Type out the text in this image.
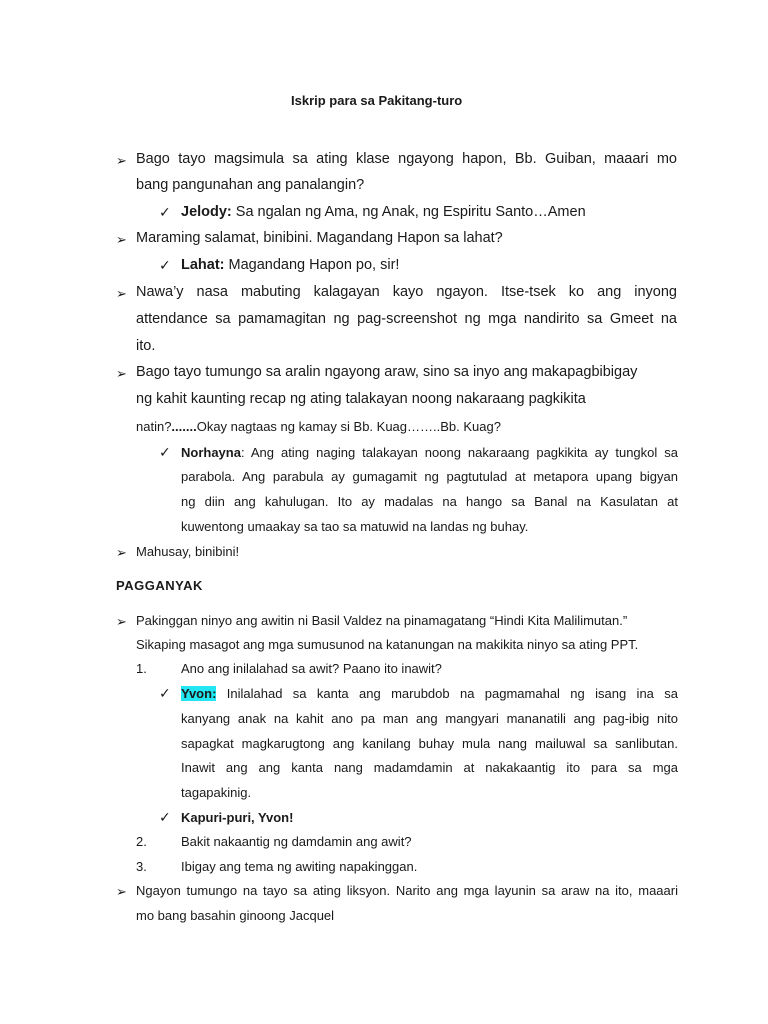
Iskrip para sa Pakitang-turo

➢ Bago tayo magsimula sa ating klase ngayong hapon, Bb. Guiban, maaari mo

bang pangunahan ang panalangin?

✓ Jelody: Sa ngalan ng Ama, ng Anak, ng Espiritu Santo…Amen

➢ Maraming salamat, binibini. Magandang Hapon sa lahat?

✓ Lahat: Magandang Hapon po, sir!

➢ Nawa’y nasa mabuting kalagayan kayo ngayon. Itse-tsek ko ang inyong

attendance sa pamamagitan ng pag-screenshot ng mga nandirito sa Gmeet na

ito.

➢ Bago tayo tumungo sa aralin ngayong araw, sino sa inyo ang makapagbibigay

ng kahit kaunting recap ng ating talakayan noong nakaraang pagkikita

natin?.......Okay nagtaas ng kamay si Bb. Kuag……..Bb. Kuag?

✓ Norhayna: Ang ating naging talakayan noong nakaraang pagkikita ay tungkol sa

parabola. Ang parabula ay gumagamit ng pagtutulad at metapora upang bigyan

ng diin ang kahulugan. Ito ay madalas na hango sa Banal na Kasulatan at

kuwentong umaakay sa tao sa matuwid na landas ng buhay.

➢ Mahusay, binibini!

PAGGANYAK

➢ Pakinggan ninyo ang awitin ni Basil Valdez na pinamagatang “Hindi Kita Malilimutan.”

Sikaping masagot ang mga sumusunod na katanungan na makikita ninyo sa ating PPT.

1.	Ano ang inilalahad sa awit? Paano ito inawit?

✓ Yvon: Inilalahad sa kanta ang marubdob na pagmamahal ng isang ina sa

kanyang anak na kahit ano pa man ang mangyari mananatili ang pag-ibig nito

sapagkat magkarugtong ang kanilang buhay mula nang mailuwal sa sanlibutan.

Inawit ang ang kanta nang madamdamin at nakakaantig ito para sa mga

tagapakinig.

✓ Kapuri-puri, Yvon!

2.	Bakit nakaantig ng damdamin ang awit?

3.	Ibigay ang tema ng awiting napakinggan.

➢ Ngayon tumungo na tayo sa ating liksyon. Narito ang mga layunin sa araw na ito, maaari

mo bang basahin ginoong Jacquel
